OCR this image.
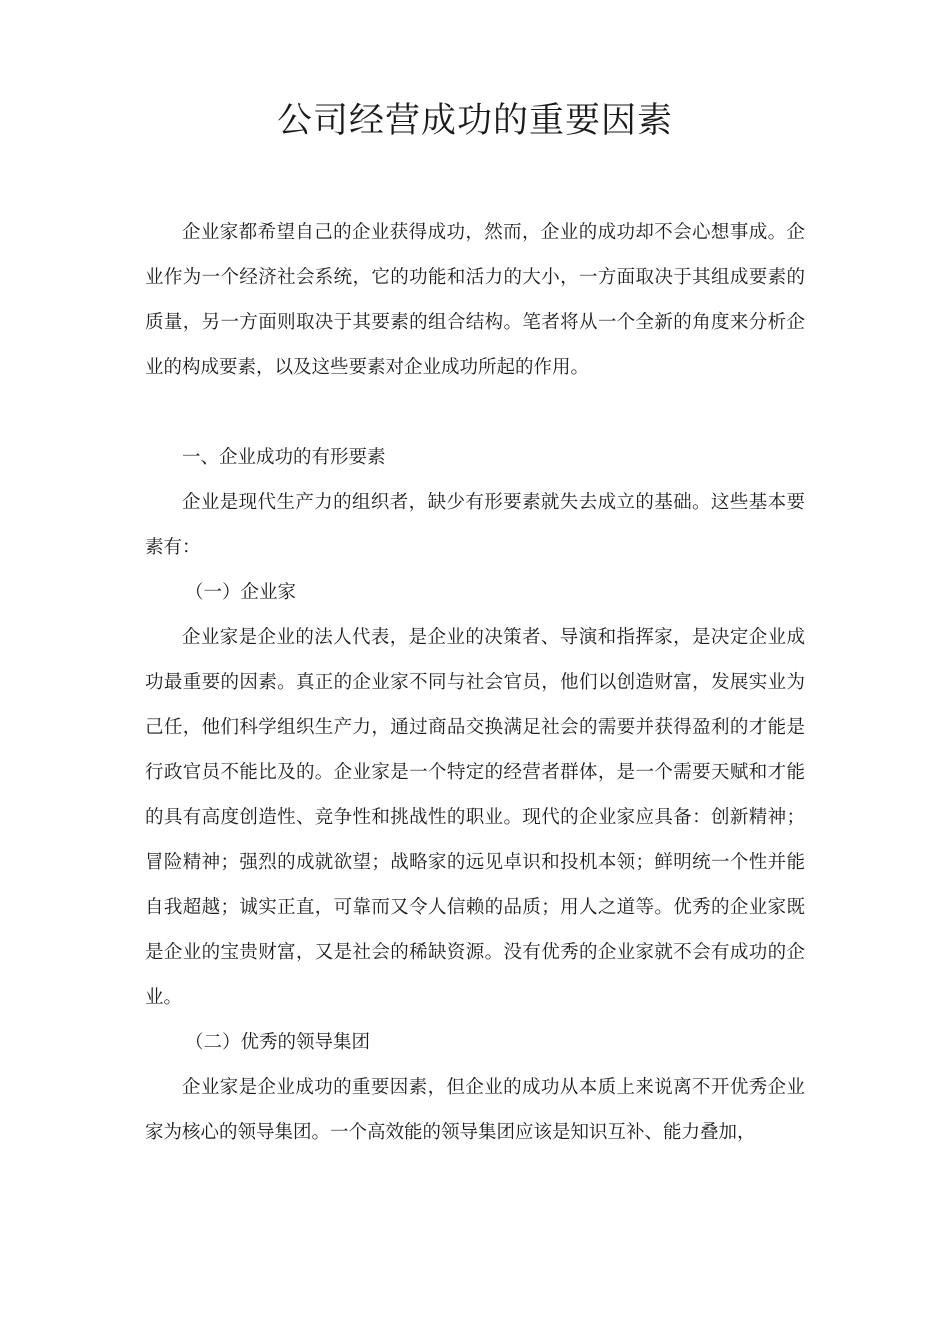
公司经营成功的重要因素

企业家都希望自己的企业获得成功，然而，企业的成功却不会心想事成。企业作为一个经济社会系统，它的功能和活力的大小，一方面取决于其组成要素的质量，另一方面则取决于其要素的组合结构。笔者将从一个全新的角度来分析企业的构成要素，以及这些要素对企业成功所起的作用。

一、企业成功的有形要素

企业是现代生产力的组织者，缺少有形要素就失去成立的基础。这些基本要素有：

（一）企业家

企业家是企业的法人代表，是企业的决策者、导演和指挥家，是决定企业成功最重要的因素。真正的企业家不同与社会官员，他们以创造财富，发展实业为己任，他们科学组织生产力，通过商品交换满足社会的需要并获得盈利的才能是行政官员不能比及的。企业家是一个特定的经营者群体，是一个需要天赋和才能的具有高度创造性、竞争性和挑战性的职业。现代的企业家应具备：创新精神；冒险精神；强烈的成就欲望；战略家的远见卓识和投机本领；鲜明统一个性并能自我超越；诚实正直，可靠而又令人信赖的品质；用人之道等。优秀的企业家既是企业的宝贵财富，又是社会的稀缺资源。没有优秀的企业家就不会有成功的企业。

（二）优秀的领导集团

企业家是企业成功的重要因素，但企业的成功从本质上来说离不开优秀企业家为核心的领导集团。一个高效能的领导集团应该是知识互补、能力叠加，
